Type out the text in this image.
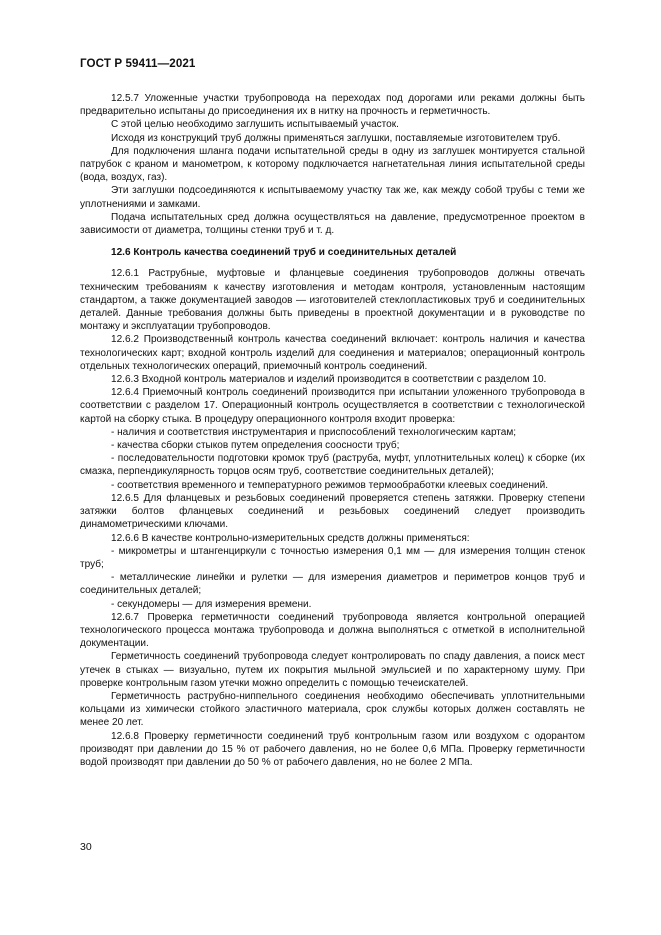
ГОСТ Р 59411—2021

12.5.7 Уложенные участки трубопровода на переходах под дорогами или реками должны быть предварительно испытаны до присоединения их в нитку на прочность и герметичность.

С этой целью необходимо заглушить испытываемый участок.

Исходя из конструкций труб должны применяться заглушки, поставляемые изготовителем труб.

Для подключения шланга подачи испытательной среды в одну из заглушек монтируется стальной патрубок с краном и манометром, к которому подключается нагнетательная линия испытательной среды (вода, воздух, газ).

Эти заглушки подсоединяются к испытываемому участку так же, как между собой трубы с теми же уплотнениями и замками.

Подача испытательных сред должна осуществляться на давление, предусмотренное проектом в зависимости от диаметра, толщины стенки труб и т. д.

12.6 Контроль качества соединений труб и соединительных деталей

12.6.1 Раструбные, муфтовые и фланцевые соединения трубопроводов должны отвечать техническим требованиям к качеству изготовления и методам контроля, установленным настоящим стандартом, а также документацией заводов — изготовителей стеклопластиковых труб и соединительных деталей. Данные требования должны быть приведены в проектной документации и в руководстве по монтажу и эксплуатации трубопроводов.

12.6.2 Производственный контроль качества соединений включает: контроль наличия и качества технологических карт; входной контроль изделий для соединения и материалов; операционный контроль отдельных технологических операций, приемочный контроль соединений.

12.6.3 Входной контроль материалов и изделий производится в соответствии с разделом 10.

12.6.4 Приемочный контроль соединений производится при испытании уложенного трубопровода в соответствии с разделом 17. Операционный контроль осуществляется в соответствии с технологической картой на сборку стыка. В процедуру операционного контроля входит проверка:

- наличия и соответствия инструментария и приспособлений технологическим картам;

- качества сборки стыков путем определения соосности труб;

- последовательности подготовки кромок труб (раструба, муфт, уплотнительных колец) к сборке (их смазка, перпендикулярность торцов осям труб, соответствие соединительных деталей);

- соответствия временного и температурного режимов термообработки клеевых соединений.

12.6.5 Для фланцевых и резьбовых соединений проверяется степень затяжки. Проверку степени затяжки болтов фланцевых соединений и резьбовых соединений следует производить динамометрическими ключами.

12.6.6 В качестве контрольно-измерительных средств должны применяться:

- микрометры и штангенциркули с точностью измерения 0,1 мм — для измерения толщин стенок труб;

- металлические линейки и рулетки — для измерения диаметров и периметров концов труб и соединительных деталей;

- секундомеры — для измерения времени.

12.6.7 Проверка герметичности соединений трубопровода является контрольной операцией технологического процесса монтажа трубопровода и должна выполняться с отметкой в исполнительной документации.

Герметичность соединений трубопровода следует контролировать по спаду давления, а поиск мест утечек в стыках — визуально, путем их покрытия мыльной эмульсией и по характерному шуму. При проверке контрольным газом утечки можно определить с помощью течеискателей.

Герметичность раструбно-ниппельного соединения необходимо обеспечивать уплотнительными кольцами из химически стойкого эластичного материала, срок службы которых должен составлять не менее 20 лет.

12.6.8 Проверку герметичности соединений труб контрольным газом или воздухом с одорантом производят при давлении до 15 % от рабочего давления, но не более 0,6 МПа. Проверку герметичности водой производят при давлении до 50 % от рабочего давления, но не более 2 МПа.

30
